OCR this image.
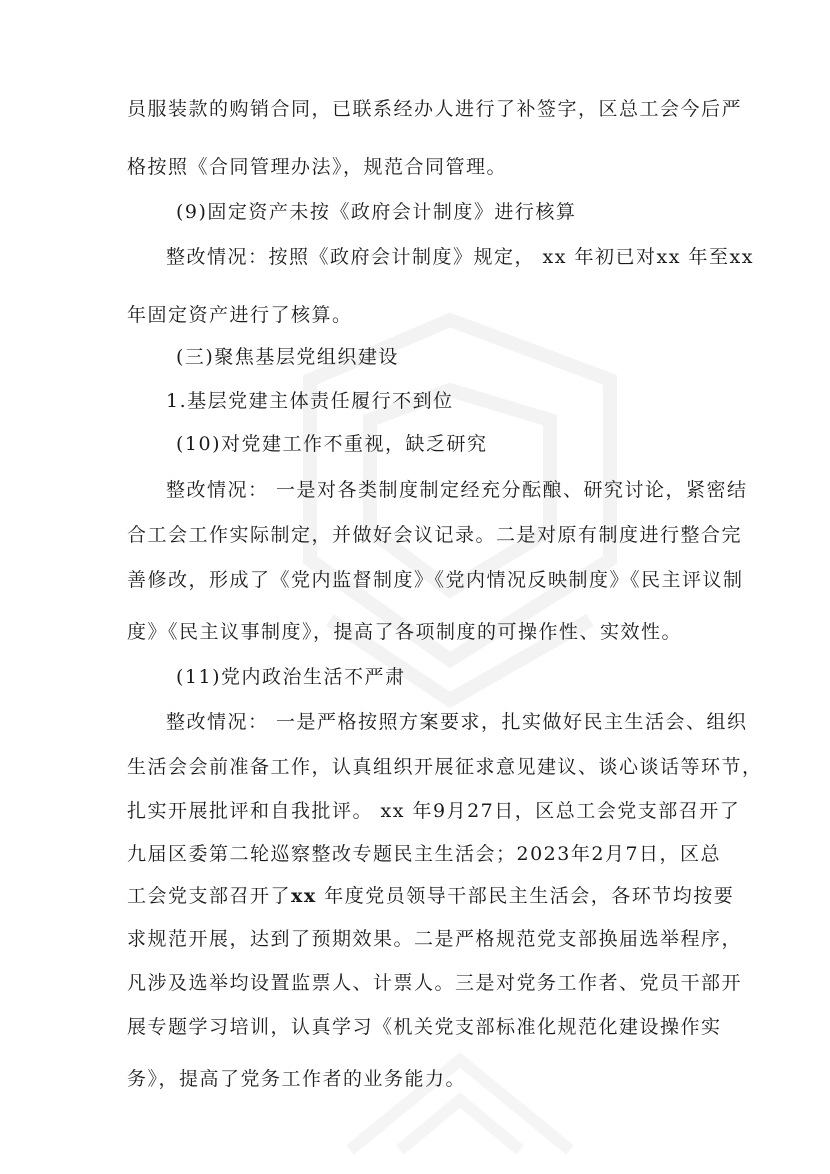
员服装款的购销合同，已联系经办人进行了补签字，区总工会今后严
格按照《合同管理办法》，规范合同管理。
(9)固定资产未按《政府会计制度》进行核算
整改情况：按照《政府会计制度》规定， xx 年初已对xx 年至xx
年固定资产进行了核算。
(三)聚焦基层党组织建设
1.基层党建主体责任履行不到位
(10)对党建工作不重视，缺乏研究
整改情况： 一是对各类制度制定经充分酝酿、研究讨论，紧密结
合工会工作实际制定，并做好会议记录。二是对原有制度进行整合完
善修改，形成了《党内监督制度》《党内情况反映制度》《民主评议制
度》《民主议事制度》，提高了各项制度的可操作性、实效性。
(11)党内政治生活不严肃
整改情况： 一是严格按照方案要求，扎实做好民主生活会、组织
生活会会前准备工作，认真组织开展征求意见建议、谈心谈话等环节，
扎实开展批评和自我批评。 xx 年9月27日，区总工会党支部召开了
九届区委第二轮巡察整改专题民主生活会；2023年2月7日，区总
工会党支部召开了xx 年度党员领导干部民主生活会，各环节均按要
求规范开展，达到了预期效果。二是严格规范党支部换届选举程序，
凡涉及选举均设置监票人、计票人。三是对党务工作者、党员干部开
展专题学习培训，认真学习《机关党支部标准化规范化建设操作实
务》，提高了党务工作者的业务能力。
